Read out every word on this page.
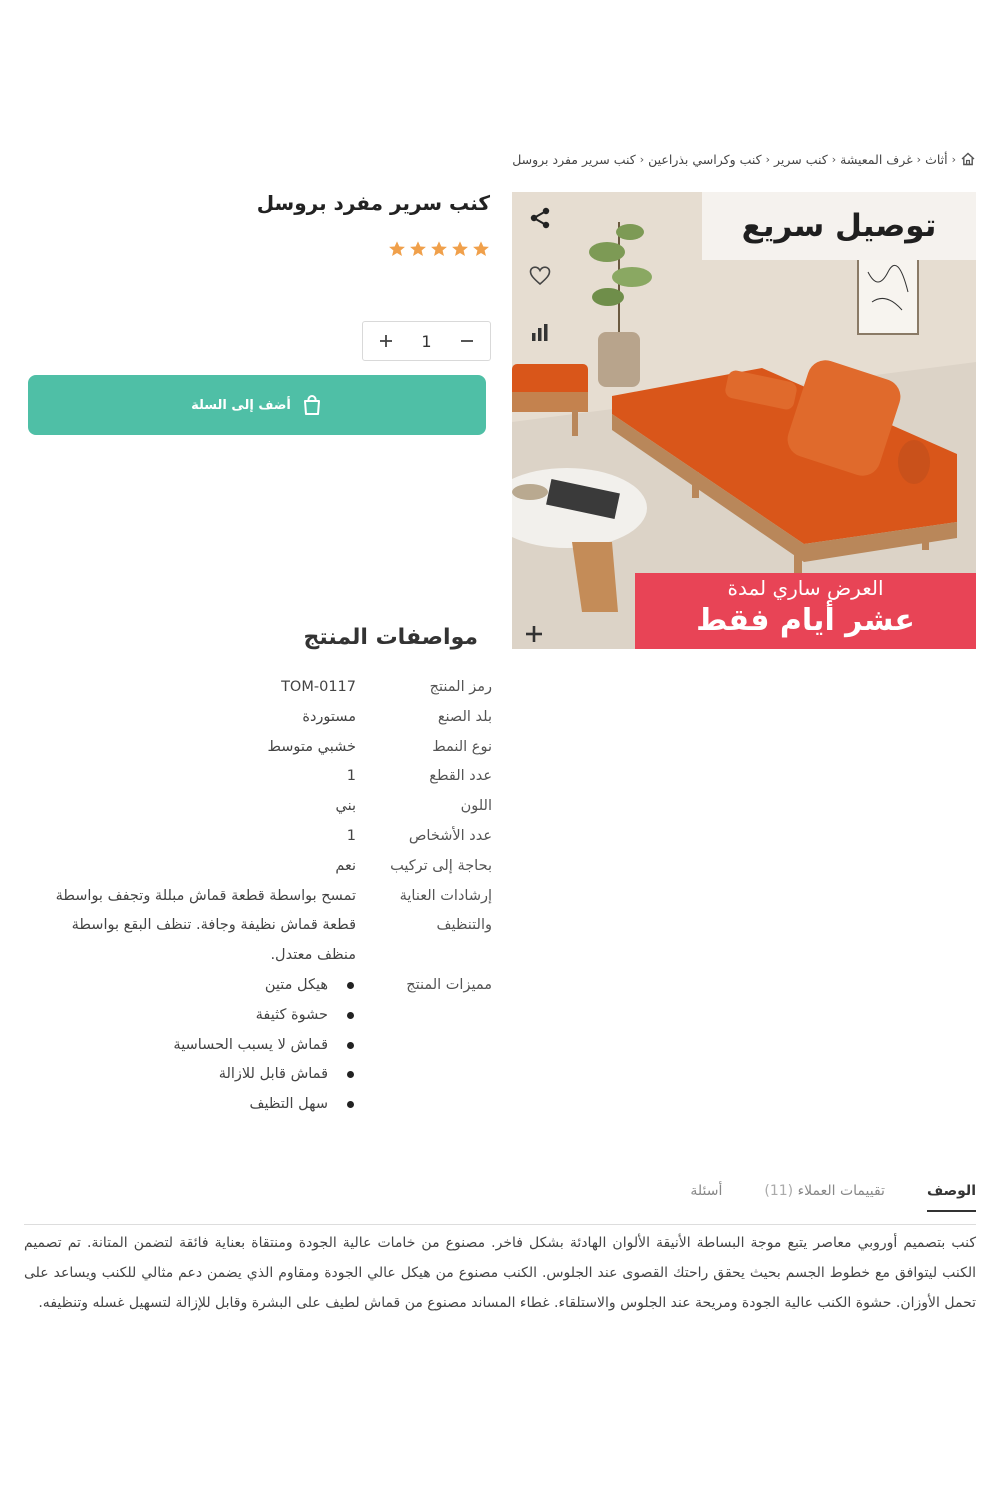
‹
أثاث
‹
غرف المعيشة
‹
كنب سرير
‹
كنب وكراسي بذراعين
‹
كنب سرير مفرد بروسل
توصيل سريع
العرض ساري لمدة
عشر أيام فقط
كنب سرير مفرد بروسل
1
أضف إلى السلة
مواصفات المنتج
رمز المنتج
TOM-0117
بلد الصنع
مستوردة
نوع النمط
خشبي متوسط
عدد القطع
1
اللون
بني
عدد الأشخاص
1
بحاجة إلى تركيب
نعم
إرشادات العناية والتنظيف
تمسح بواسطة قطعة قماش مبللة وتجفف بواسطة قطعة قماش نظيفة وجافة. تنظف البقع بواسطة منظف معتدل.
مميزات المنتج
هيكل متين
حشوة كثيفة
قماش لا يسبب الحساسية
قماش قابل للازالة
سهل التظيف
الوصف
تقييمات العملاء (11)
أسئلة

كنب بتصميم أوروبي معاصر يتبع موجة البساطة الأنيقة الألوان الهادئة بشكل فاخر. مصنوع من خامات عالية الجودة ومنتقاة بعناية فائقة لتضمن المتانة. تم تصميم الكنب ليتوافق مع خطوط الجسم بحيث يحقق راحتك القصوى عند الجلوس. الكنب مصنوع من هيكل عالي الجودة ومقاوم الذي يضمن دعم مثالي للكنب ويساعد على تحمل الأوزان. حشوة الكنب عالية الجودة ومريحة عند الجلوس والاستلقاء. غطاء المساند مصنوع من قماش لطيف على البشرة وقابل للإزالة لتسهيل غسله وتنظيفه.
